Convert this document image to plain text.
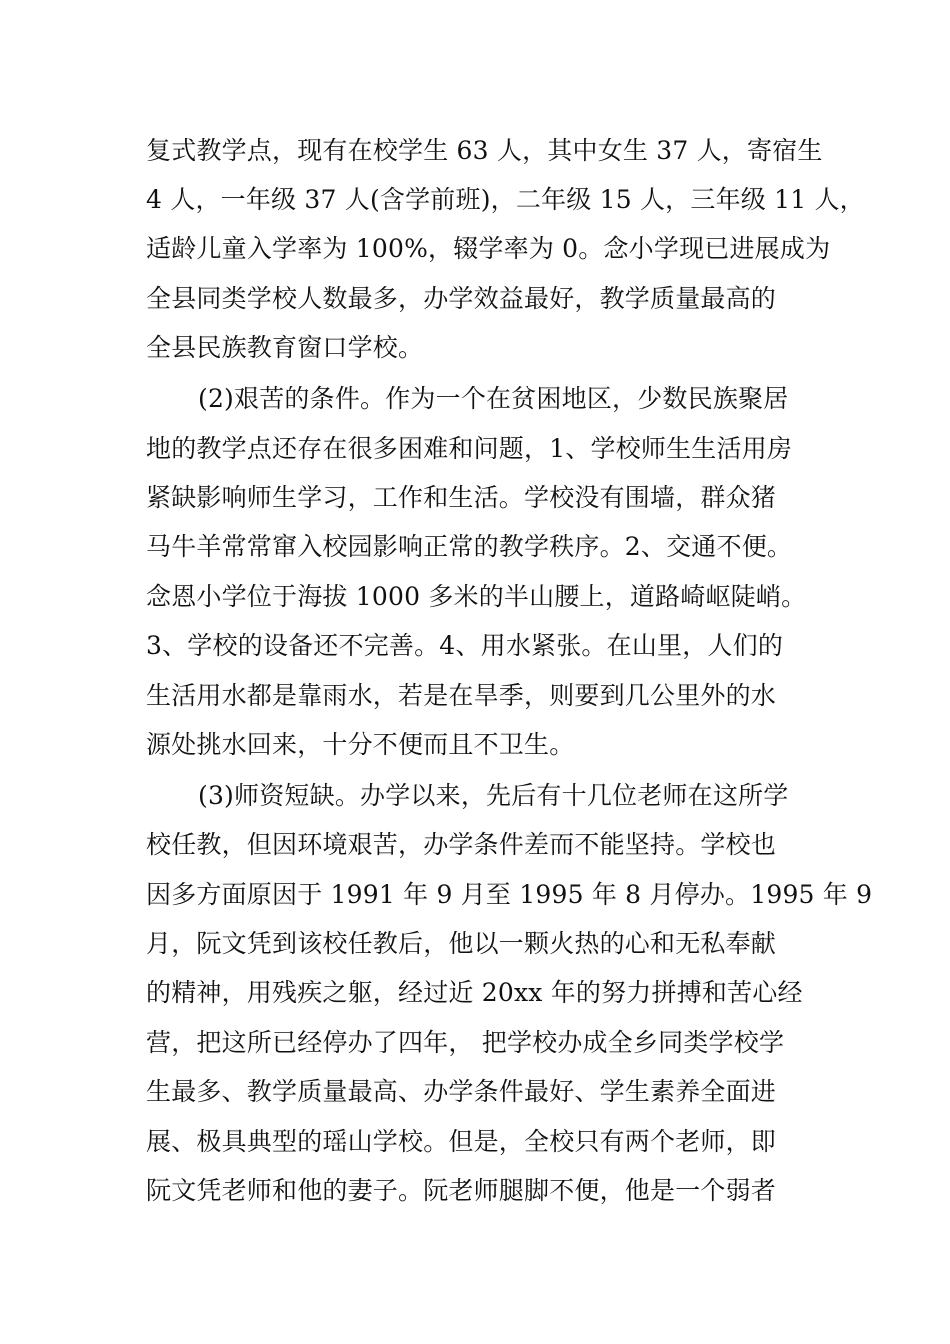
复式教学点，现有在校学生 63 人，其中女生 37 人，寄宿生
4 人，一年级 37 人(含学前班)，二年级 15 人，三年级 11 人，
适龄儿童入学率为 100%，辍学率为 0。念小学现已进展成为
全县同类学校人数最多，办学效益最好，教学质量最高的
全县民族教育窗口学校。
(2)艰苦的条件。作为一个在贫困地区，少数民族聚居
地的教学点还存在很多困难和问题，1、学校师生生活用房
紧缺影响师生学习，工作和生活。学校没有围墙，群众猪
马牛羊常常窜入校园影响正常的教学秩序。2、交通不便。
念恩小学位于海拔 1000 多米的半山腰上，道路崎岖陡峭。
3、学校的设备还不完善。4、用水紧张。在山里，人们的
生活用水都是靠雨水，若是在旱季，则要到几公里外的水
源处挑水回来，十分不便而且不卫生。
(3)师资短缺。办学以来，先后有十几位老师在这所学
校任教，但因环境艰苦，办学条件差而不能坚持。学校也
因多方面原因于 1991 年 9 月至 1995 年 8 月停办。1995 年 9
月，阮文凭到该校任教后，他以一颗火热的心和无私奉献
的精神，用残疾之躯，经过近 20xx 年的努力拼搏和苦心经
营，把这所已经停办了四年， 把学校办成全乡同类学校学
生最多、教学质量最高、办学条件最好、学生素养全面进
展、极具典型的瑶山学校。但是，全校只有两个老师，即
阮文凭老师和他的妻子。阮老师腿脚不便，他是一个弱者
